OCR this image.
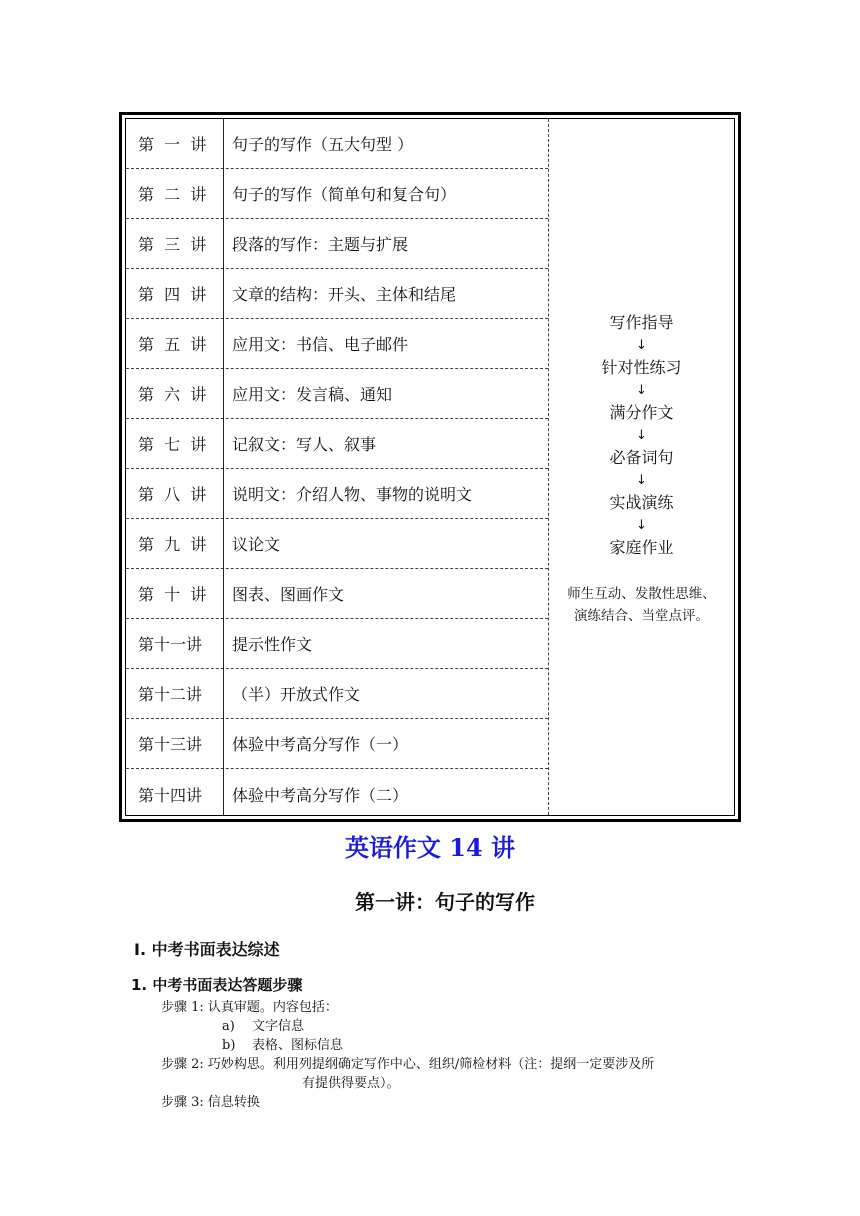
第  一  讲	句子的写作（五大句型 ）
第  二  讲	句子的写作（简单句和复合句）
第  三  讲	段落的写作：主题与扩展
第  四  讲	文章的结构：开头、主体和结尾
第  五  讲	应用文：书信、电子邮件
第  六  讲	应用文：发言稿、通知
第  七  讲	记叙文：写人、叙事
第  八  讲	说明文：介绍人物、事物的说明文
第  九  讲	议论文
第  十  讲	图表、图画作文
第十一讲	提示性作文
第十二讲	（半）开放式作文
第十三讲	体验中考高分写作（一）
第十四讲	体验中考高分写作（二）
写作指导
↓
针对性练习
↓
满分作文
↓
必备词句
↓
实战演练
↓
家庭作业
师生互动、发散性思维、
演练结合、当堂点评。
英语作文 14 讲
第一讲：句子的写作
Ⅰ. 中考书面表达综述
1. 中考书面表达答题步骤
步骤 1: 认真审题。内容包括：
a) 文字信息
b) 表格、图标信息
步骤 2: 巧妙构思。利用列提纲确定写作中心、组织/筛检材料（注：提纲一定要涉及所
有提供得要点）。
步骤 3: 信息转换
